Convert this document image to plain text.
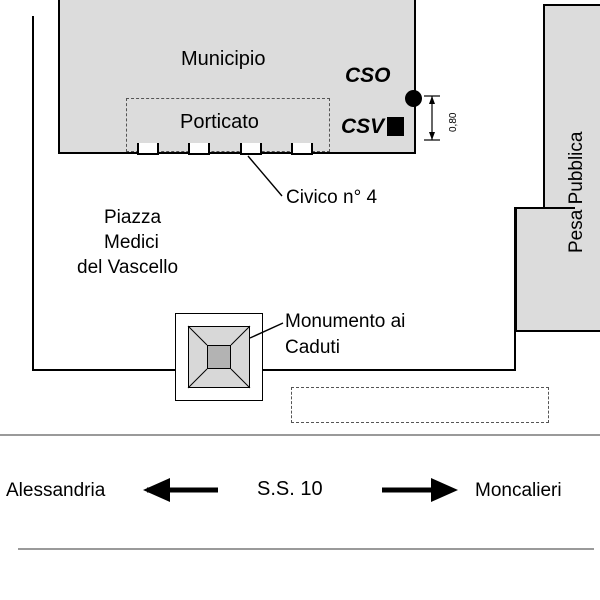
Municipio
Porticato
CSO
CSV	0,80
Civico n° 4
Piazza
Medici
del Vascello
Monumento ai
Caduti
Pesa Pubblica
Alessandria	S.S. 10	Moncalieri
